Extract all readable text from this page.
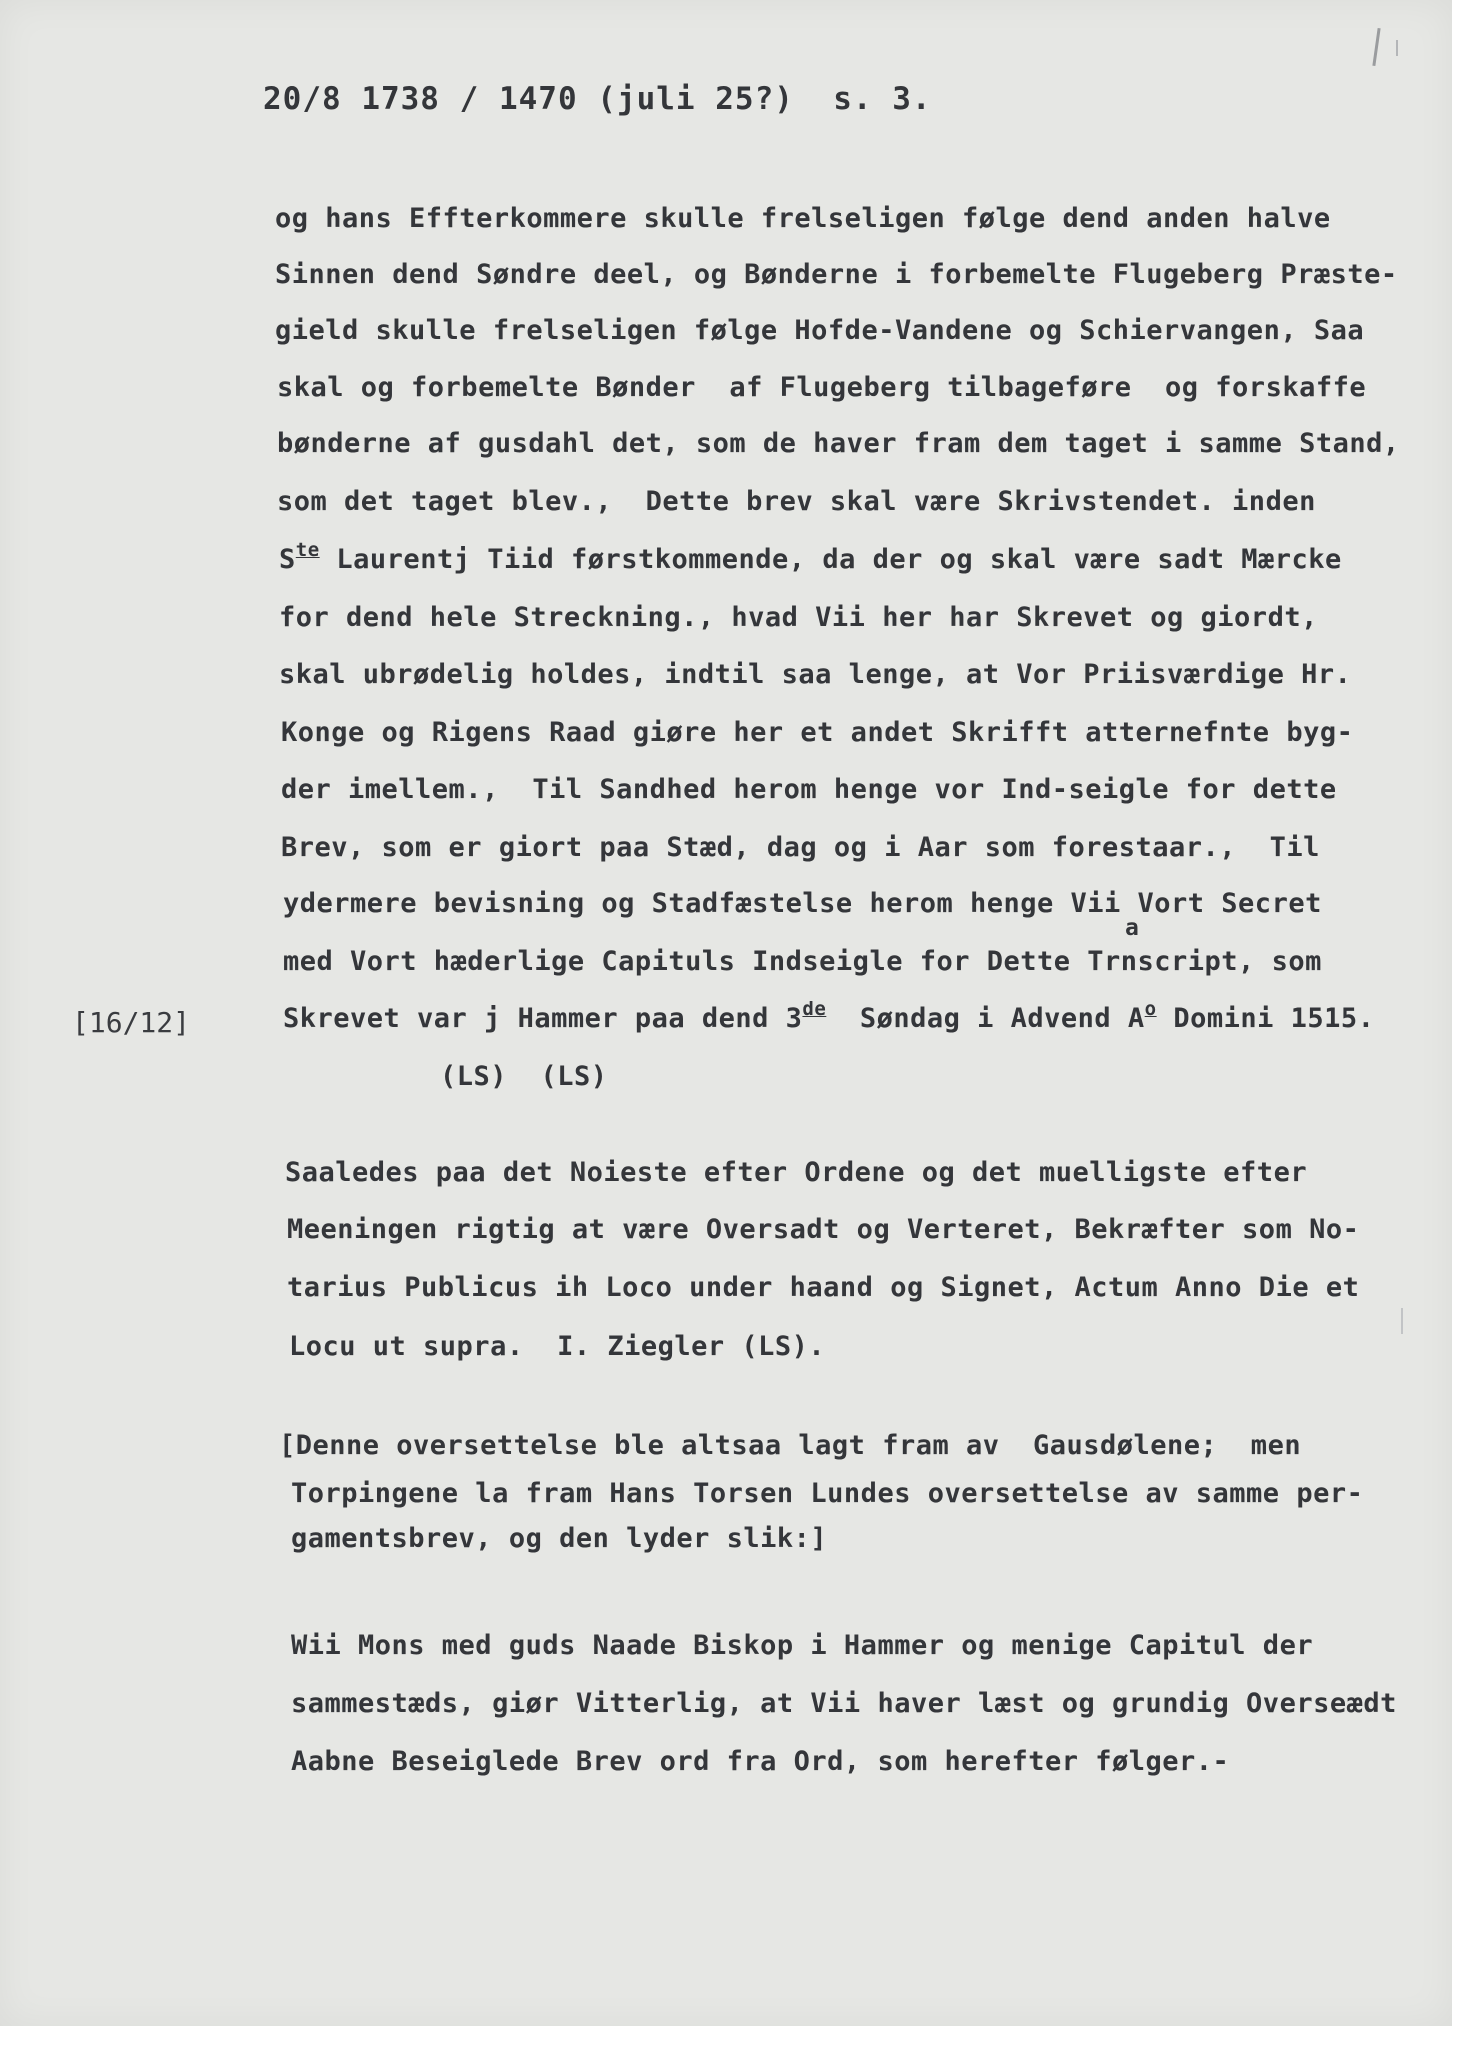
20/8 1738 / 1470 (juli 25?)  s. 3.
[16/12]
og hans Effterkommere skulle frelseligen følge dend anden halve
Sinnen dend Søndre deel, og Bønderne i forbemelte Flugeberg Præste-
gield skulle frelseligen følge Hofde-Vandene og Schiervangen, Saa
skal og forbemelte Bønder  af Flugeberg tilbageføre  og forskaffe
bønderne af gusdahl det, som de haver fram dem taget i samme Stand,
som det taget blev.,  Dette brev skal være Skrivstendet. inden
$S^{te}$ Laurentj Tiid førstkommende, da der og skal være sadt Mærcke
for dend hele Streckning., hvad Vii her har Skrevet og giordt,
skal ubrødelig holdes, indtil saa lenge, at Vor Priisværdige Hr.
Konge og Rigens Raad giøre her et andet Skrifft atternefnte byg-
der imellem.,  Til Sandhed herom henge vor Ind-seigle for dette
Brev, som er giort paa Stæd, dag og i Aar som forestaar.,  Til
ydermere bevisning og Stadfæstelse herom henge Vii Vort Secret
a
med Vort hæderlige Capituls Indseigle for Dette Trnscript, som
Skrevet var j Hammer paa dend 3de  Søndag i Advend $A^o$ Domini 1515.
(LS)  (LS)
Saaledes paa det Noieste efter Ordene og det muelligste efter
Meeningen rigtig at være Oversadt og Verteret, Bekræfter som No-
tarius Publicus ih Loco under haand og Signet, Actum Anno Die et
Locu ut supra.  I. Ziegler (LS).
[Denne oversettelse ble altsaa lagt fram av  Gausdølene;  men
Torpingene la fram Hans Torsen Lundes oversettelse av samme per-
gamentsbrev, og den lyder slik:]
Wii Mons med guds Naade Biskop i Hammer og menige Capitul der
sammestæds, giør Vitterlig, at Vii haver læst og grundig Overseædt
Aabne Beseiglede Brev ord fra Ord, som herefter følger.-
